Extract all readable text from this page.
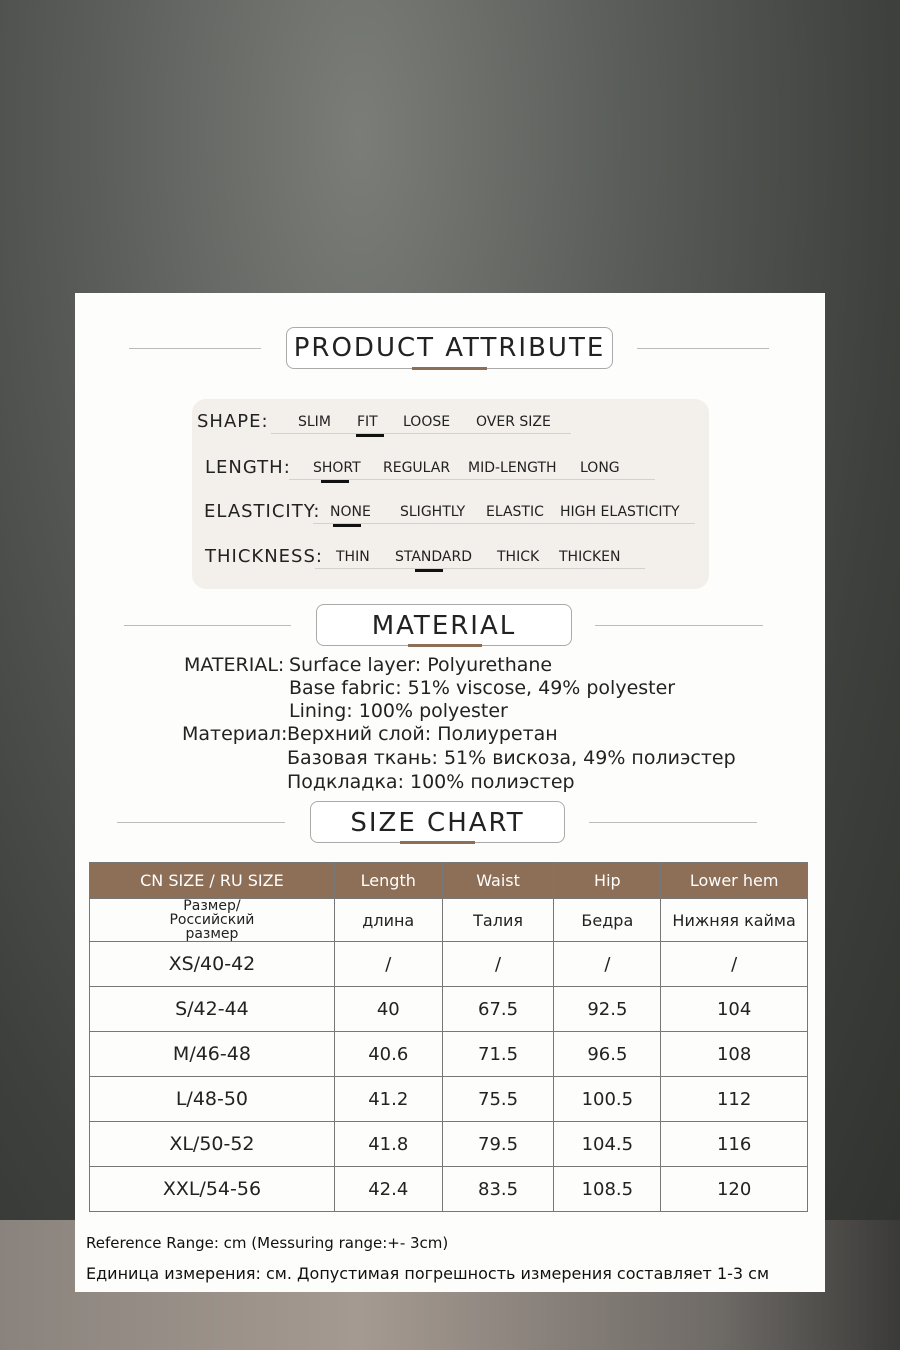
PRODUCT ATTRIBUTE
SHAPE: SLIM FIT LOOSE OVER SIZE
LENGTH: SHORT REGULAR MID-LENGTH LONG
ELASTICITY: NONE SLIGHTLY ELASTIC HIGH ELASTICITY
THICKNESS: THIN STANDARD THICK THICKEN
MATERIAL
MATERIAL: Surface layer: Polyurethane
Base fabric: 51% viscose, 49% polyester
Lining: 100% polyester
Материал: Верхний слой: Полиуретан
Базовая ткань: 51% вискоза, 49% полиэстер
Подкладка: 100% полиэстер
SIZE CHART
CN SIZE / RU SIZE	Length	Waist	Hip	Lower hem
Размер/Российский размер	длина	Талия	Бедра	Нижняя кайма
XS/40-42	/	/	/	/
S/42-44	40	67.5	92.5	104
M/46-48	40.6	71.5	96.5	108
L/48-50	41.2	75.5	100.5	112
XL/50-52	41.8	79.5	104.5	116
XXL/54-56	42.4	83.5	108.5	120
Reference Range: cm (Messuring range:+- 3cm)
Единица измерения: см. Допустимая погрешность измерения составляет 1-3 см
